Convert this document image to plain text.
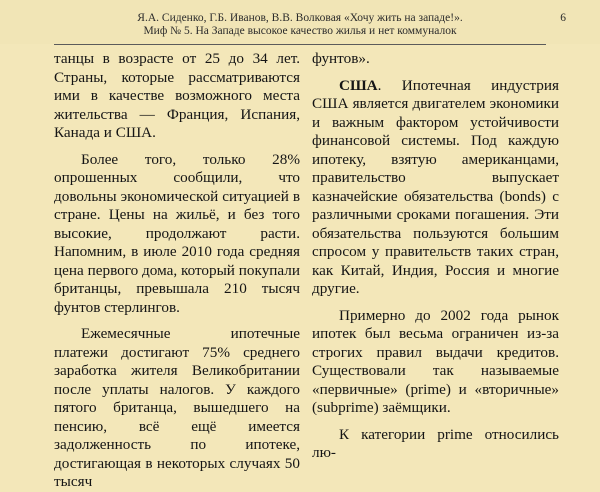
Я.А. Сиденко, Г.Б. Иванов, В.В. Волковая «Хочу жить на западе!».
Миф № 5. На Западе высокое качество жилья и нет коммуналок
6

танцы в возрасте от 25 до 34 лет. Страны, которые рассматриваются ими в качестве возможного места жительства — Франция, Испания, Канада и США.

Более того, только 28% опрошенных сообщили, что довольны экономической ситуацией в стране. Цены на жильё, и без того высокие, продолжают расти. Напомним, в июле 2010 года средняя цена первого дома, который покупали британцы, превышала 210 тысяч фунтов стерлингов.

Ежемесячные ипотечные платежи достигают 75% среднего заработка жителя Великобритании после уплаты налогов. У каждого пятого британца, вышедшего на пенсию, всё ещё имеется задолженность по ипотеке, достигающая в некоторых случаях 50 тысяч

фунтов».

США. Ипотечная индустрия США является двигателем экономики и важным фактором устойчивости финансовой системы. Под каждую ипотеку, взятую американцами, правительство выпускает казначейские обязательства (bonds) с различными сроками погашения. Эти обязательства пользуются большим спросом у правительств таких стран, как Китай, Индия, Россия и многие другие.

Примерно до 2002 года рынок ипотек был весьма ограничен из-за строгих правил выдачи кредитов. Существовали так называемые «первичные» (prime) и «вторичные» (subprime) заёмщики.

К категории prime относились лю-
